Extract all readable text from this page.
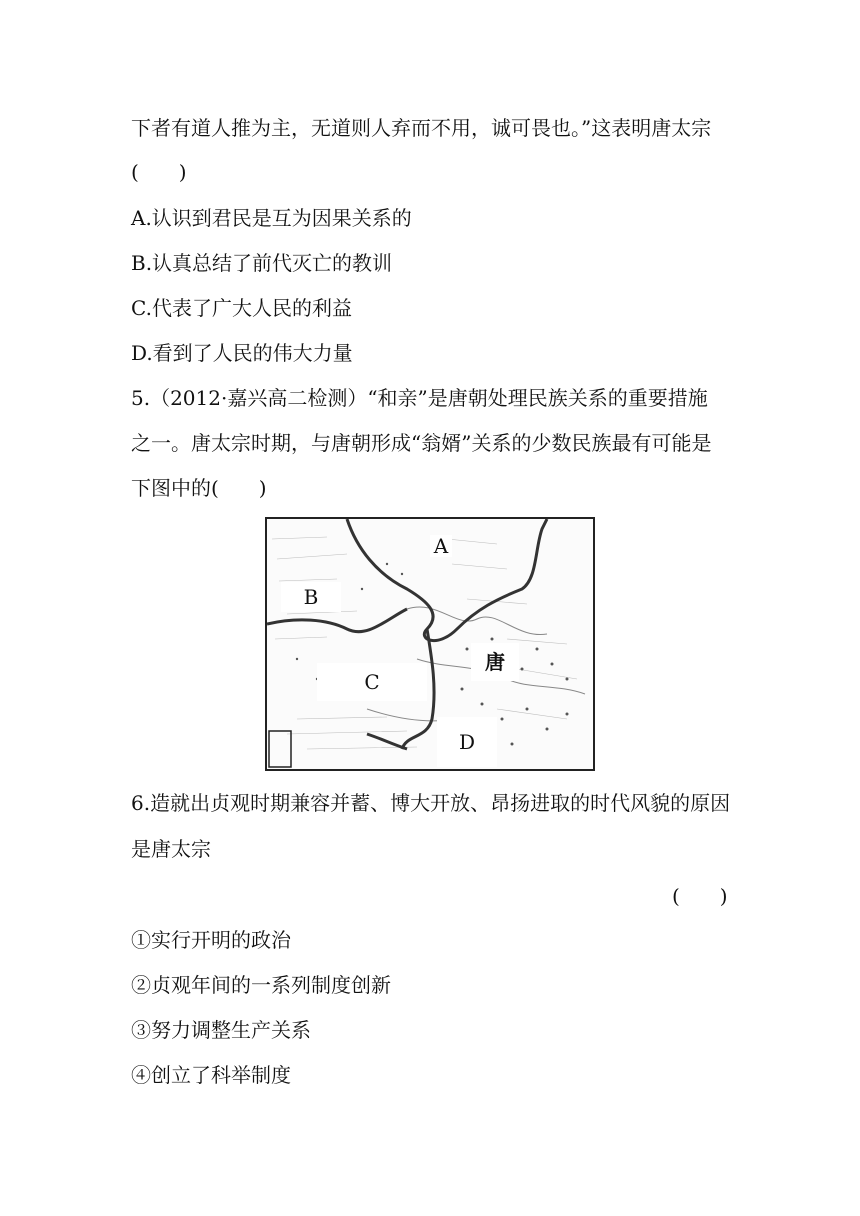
下者有道人推为主，无道则人弃而不用，诚可畏也。”这表明唐太宗
(　　)
A.认识到君民是互为因果关系的
B.认真总结了前代灭亡的教训
C.代表了广大人民的利益
D.看到了人民的伟大力量
5.（2012·嘉兴高二检测）“和亲”是唐朝处理民族关系的重要措施
之一。唐太宗时期，与唐朝形成“翁婿”关系的少数民族最有可能是
下图中的(　　)
A
B
C
D
唐
6.造就出贞观时期兼容并蓄、博大开放、昂扬进取的时代风貌的原因
是唐太宗
(　　)
①实行开明的政治
②贞观年间的一系列制度创新
③努力调整生产关系
④创立了科举制度
